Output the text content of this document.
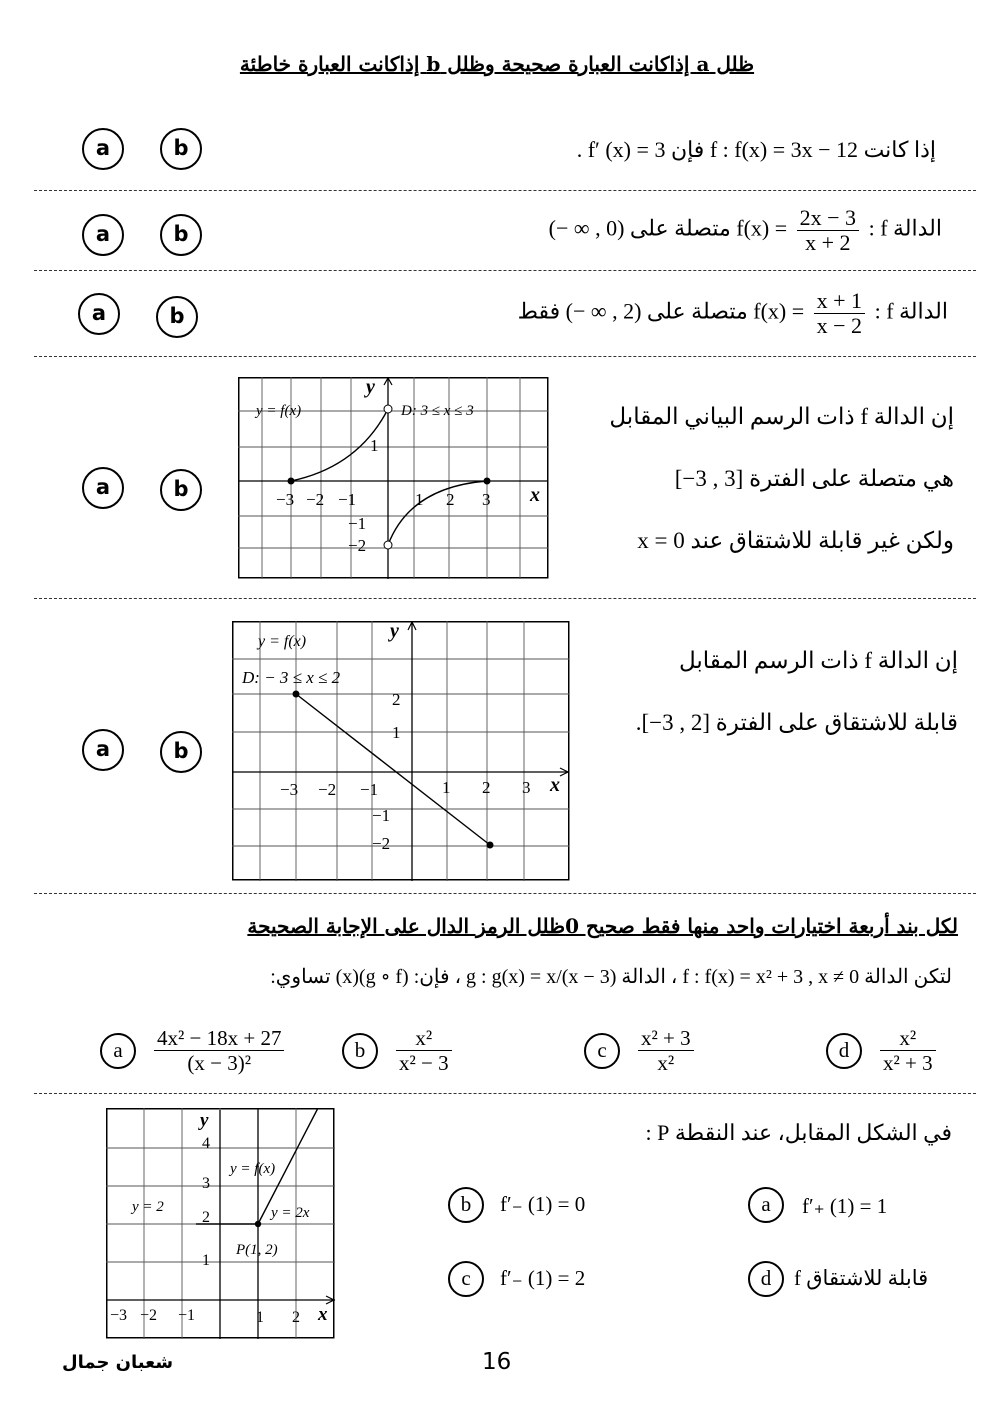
ظلل a إذاكانت العبارة صحيحة وظلل b إذاكانت العبارة خاطئة
a	b	إذا كانت f : f(x) = 3x − 12 فإن 3 = f′ (x) .
a	b	الدالة f : $f(x) = \frac{2x - 3}{x + 2}$
متصلة على (0 , ∞ −)
a	b	الدالة f : $f(x) = \frac{x + 1}{x - 2}$
متصلة على (2 , ∞ −) فقط
a	b
إن الدالة f ذات الرسم البياني المقابل
هي متصلة على الفترة [3 , 3−]
ولكن غير قابلة للاشتقاق عند 0 = x
y = f(x)	D: 3 ≤ x ≤ 3
y
x
−3 −2 −1	1 2 3
1
−1
−2
a	b
إن الدالة f ذات الرسم المقابل
قابلة للاشتقاق على الفترة [2 , 3−].
y = f(x)
D: − 3 ≤ x ≤ 2
y
x
−3 −2 −1	1 2 3
2
1
−1
−2
لكل بند أربعة اختيارات واحد منها فقط صحيح 0ظلل الرمز الدال على الإجابة الصحيحة
لتكن الدالة f : f(x) = x² + 3 , x ≠ 0 ، الدالة g : g(x) = x/(x − 3) ، فإن: (g ∘ f)(x) تساوي:
a	$\frac{\text{4x² − 18x + 27}}{\text{(x − 3)²}}$	b	$\frac{\text{x²}}{\text{x² − 3}}$	c	$\frac{\text{x² + 3}}{\text{x²}}$	d	$\frac{\text{x²}}{\text{x² + 3}}$
في الشكل المقابل، عند النقطة P :
b	f′₋ (1) = 0	a	f′₊ (1) = 1
c	f′₋ (1) = 2	d	f قابلة للاشتقاق
y = f(x)
y = 2	y = 2x
P(1, 2)
y
x
−3 −2 −1	1 2
4
3
2
1
شعبان جمال	16
